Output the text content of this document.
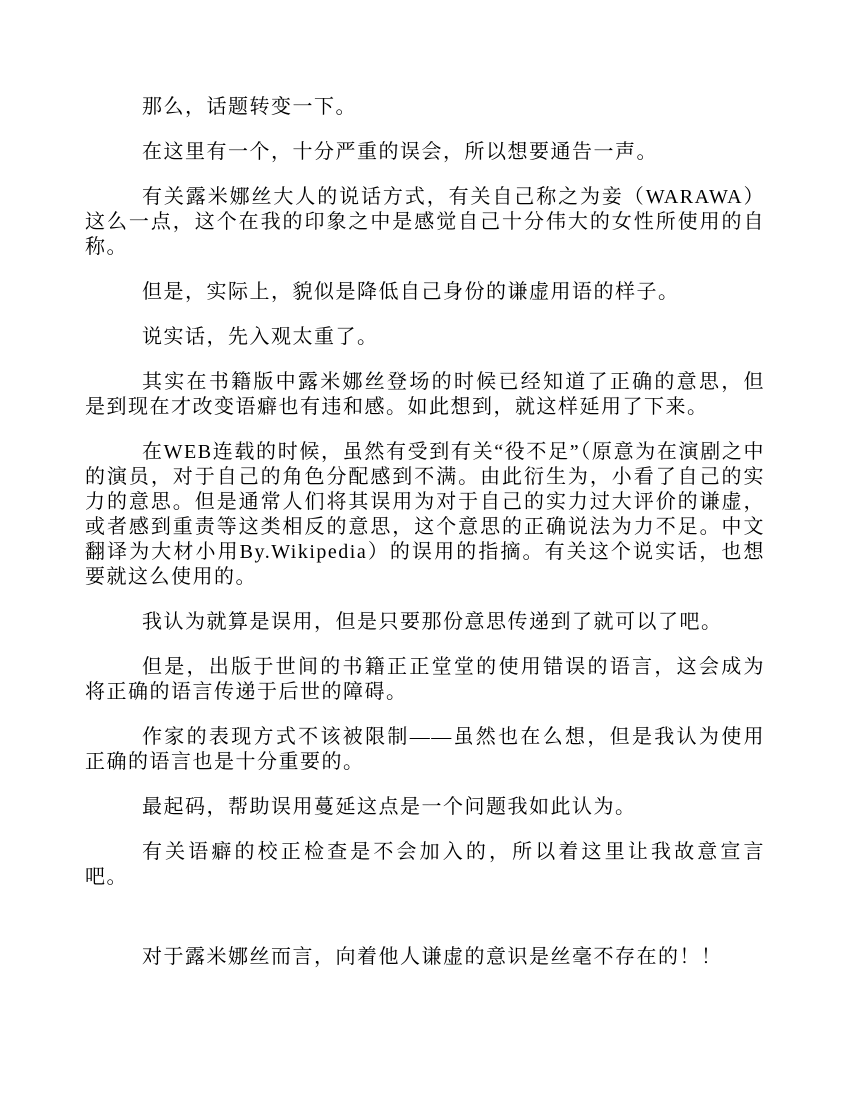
那么，话题转变一下。

在这里有一个，十分严重的误会，所以想要通告一声。

有关露米娜丝大人的说话方式，有关自己称之为妾（WARAWA）这么一点，这个在我的印象之中是感觉自己十分伟大的女性所使用的自称。

但是，实际上，貌似是降低自己身份的谦虚用语的样子。

说实话，先入观太重了。

其实在书籍版中露米娜丝登场的时候已经知道了正确的意思，但是到现在才改变语癖也有违和感。如此想到，就这样延用了下来。

在WEB连载的时候，虽然有受到有关“役不足”（原意为在演剧之中的演员，对于自己的角色分配感到不满。由此衍生为，小看了自己的实力的意思。但是通常人们将其误用为对于自己的实力过大评价的谦虚，或者感到重责等这类相反的意思，这个意思的正确说法为力不足。中文翻译为大材小用By.Wikipedia）的误用的指摘。有关这个说实话，也想要就这么使用的。

我认为就算是误用，但是只要那份意思传递到了就可以了吧。

但是，出版于世间的书籍正正堂堂的使用错误的语言，这会成为将正确的语言传递于后世的障碍。

作家的表现方式不该被限制——虽然也在么想，但是我认为使用正确的语言也是十分重要的。

最起码，帮助误用蔓延这点是一个问题我如此认为。

有关语癖的校正检查是不会加入的，所以着这里让我故意宣言吧。

对于露米娜丝而言，向着他人谦虚的意识是丝毫不存在的！！
